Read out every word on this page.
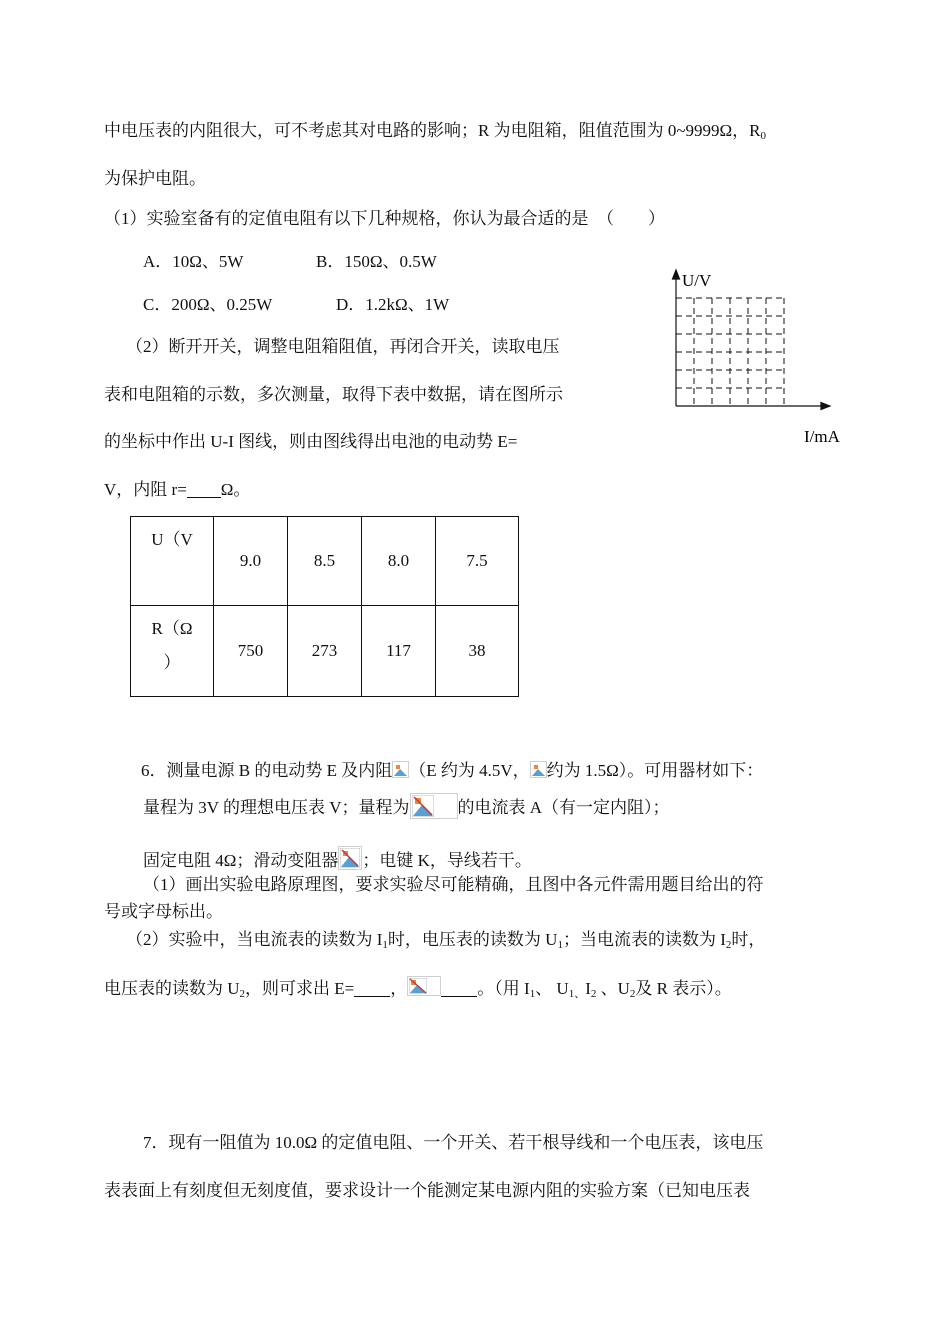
中电压表的内阻很大，可不考虑其对电路的影响；R 为电阻箱，阻值范围为 0~9999Ω，$R_0$
为保护电阻。
（1）实验室备有的定值电阻有以下几种规格，你认为最合适的是　（　　）
A．10Ω、5W	B．150Ω、0.5W
C．200Ω、0.25W	D．1.2kΩ、1W
（2）断开开关，调整电阻箱阻值，再闭合开关，读取电压
表和电阻箱的示数，多次测量，取得下表中数据，请在图所示
的坐标中作出 U-I 图线，则由图线得出电池的电动势 E=
V，内阻 r= Ω。
U/V
I/mA
U（V	9.0	8.5	8.0	7.5
R（Ω
）	750	273	117	38
6．测量电源 B 的电动势 E 及内阻 （E 约为 4.5V， 约为 1.5Ω）。可用器材如下：
量程为 3V 的理想电压表 V；量程为	的电流表 A（有一定内阻）；
固定电阻 4Ω；滑动变阻器 ；电键 K，导线若干。
（1）画出实验电路原理图，要求实验尽可能精确，且图中各元件需用题目给出的符
号或字母标出。
（2）实验中，当电流表的读数为 $I_1$时，电压表的读数为 $U_1$；当电流表的读数为 $I_2$时，
电压表的读数为 $U_2$，则可求出 E= ，	。（用 $I_1$、 $U_{1、}I_2$ 、$U_2$及 R 表示）。
7．现有一阻值为 10.0Ω 的定值电阻、一个开关、若干根导线和一个电压表，该电压
表表面上有刻度但无刻度值，要求设计一个能测定某电源内阻的实验方案（已知电压表
